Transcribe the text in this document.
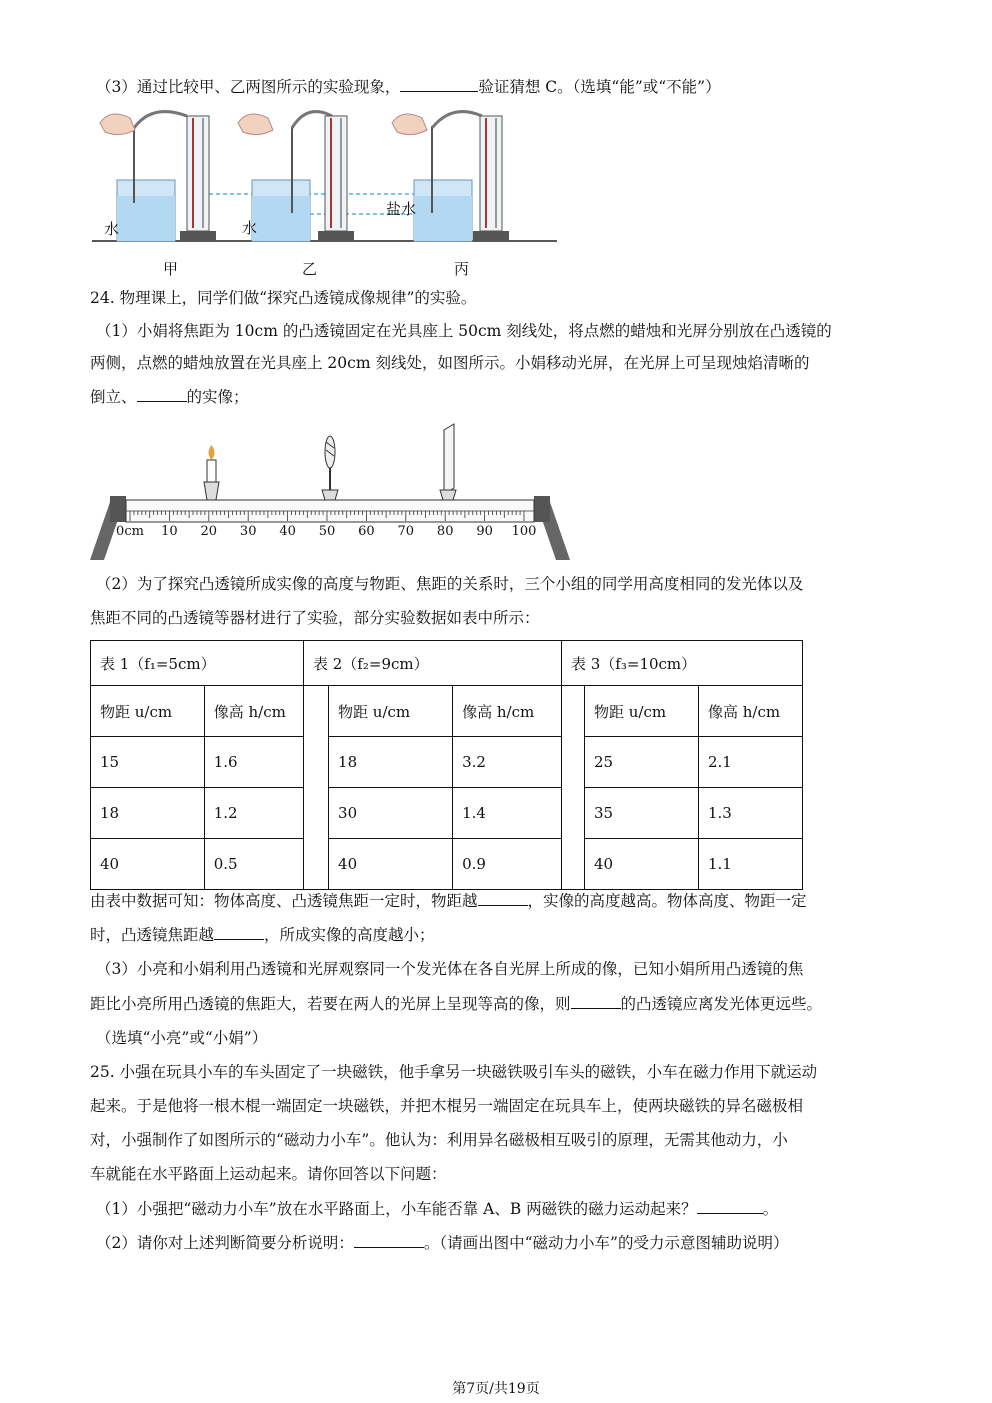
（3）通过比较甲、乙两图所示的实验现象，	验证猜想 C。（选填“能”或“不能”）
水	水
盐水
甲	乙	丙
24. 物理课上，同学们做“探究凸透镜成像规律”的实验。
（1）小娟将焦距为 10cm 的凸透镜固定在光具座上 50cm 刻线处，将点燃的蜡烛和光屏分别放在凸透镜的
两侧，点燃的蜡烛放置在光具座上 20cm 刻线处，如图所示。小娟移动光屏，在光屏上可呈现烛焰清晰的
倒立、	的实像；
0cm 10 20 30 40 50 60 70 80 90 100
（2）为了探究凸透镜所成实像的高度与物距、焦距的关系时，三个小组的同学用高度相同的发光体以及
焦距不同的凸透镜等器材进行了实验，部分实验数据如表中所示：
表 1（f₁=5cm）		表 2（f₂=9cm）			表 3（f₃=10cm）		
物距 u/cm	像高 h/cm		物距 u/cm	像高 h/cm		物距 u/cm	像高 h/cm
15	1.6		18	3.2		25	2.1
18	1.2		30	1.4		35	1.3
40	0.5		40	0.9		40	1.1
由表中数据可知：物体高度、凸透镜焦距一定时，物距越	，实像的高度越高。物体高度、物距一定
时，凸透镜焦距越	，所成实像的高度越小；
（3）小亮和小娟利用凸透镜和光屏观察同一个发光体在各自光屏上所成的像，已知小娟所用凸透镜的焦
距比小亮所用凸透镜的焦距大，若要在两人的光屏上呈现等高的像，则	的凸透镜应离发光体更远些。
（选填“小亮”或“小娟”）
25. 小强在玩具小车的车头固定了一块磁铁，他手拿另一块磁铁吸引车头的磁铁，小车在磁力作用下就运动
起来。于是他将一根木棍一端固定一块磁铁，并把木棍另一端固定在玩具车上，使两块磁铁的异名磁极相
对，小强制作了如图所示的“磁动力小车”。他认为：利用异名磁极相互吸引的原理，无需其他动力，小
车就能在水平路面上运动起来。请你回答以下问题：
（1）小强把“磁动力小车”放在水平路面上，小车能否靠 A、B 两磁铁的磁力运动起来？	。
（2）请你对上述判断简要分析说明：	。（请画出图中“磁动力小车”的受力示意图辅助说明）
第7页/共19页
